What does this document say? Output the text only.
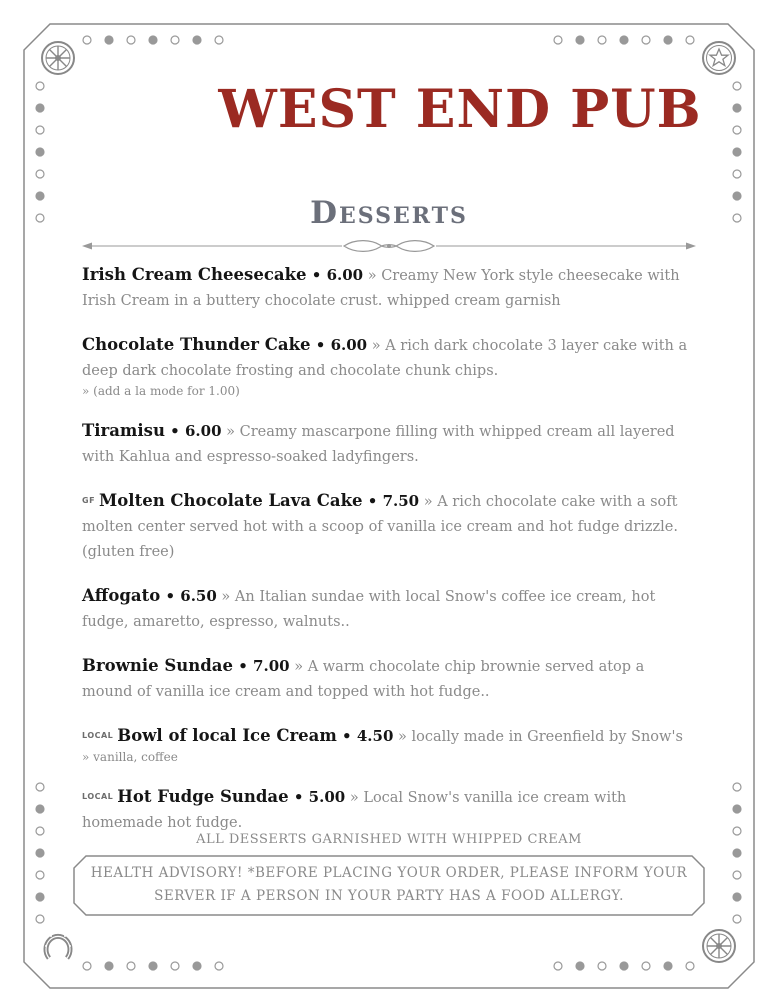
WEST END PUB
Desserts
Irish Cream Cheesecake • 6.00 » Creamy New York style cheesecake with Irish Cream in a buttery chocolate crust. whipped cream garnish
Chocolate Thunder Cake • 6.00 » A rich dark chocolate 3 layer cake with a deep dark chocolate frosting and chocolate chunk chips.
» (add a la mode for 1.00)
Tiramisu • 6.00 » Creamy mascarpone filling with whipped cream all layered with Kahlua and espresso-soaked ladyfingers.
$^{GF}$ Molten Chocolate Lava Cake • 7.50 » A rich chocolate cake with a soft molten center served hot with a scoop of vanilla ice cream and hot fudge drizzle. (gluten free)
Affogato • 6.50 » An Italian sundae with local Snow's coffee ice cream, hot fudge, amaretto, espresso, walnuts..
Brownie Sundae • 7.00 » A warm chocolate chip brownie served atop a mound of vanilla ice cream and topped with hot fudge..
$^{LOCAL}$ Bowl of local Ice Cream • 4.50 » locally made in Greenfield by Snow's
» vanilla, coffee
$^{LOCAL}$ Hot Fudge Sundae • 5.00 » Local Snow's vanilla ice cream with homemade hot fudge.
ALL DESSERTS GARNISHED WITH WHIPPED CREAM
HEALTH ADVISORY! *BEFORE PLACING YOUR ORDER, PLEASE INFORM YOUR
SERVER IF A PERSON IN YOUR PARTY HAS A FOOD ALLERGY.
